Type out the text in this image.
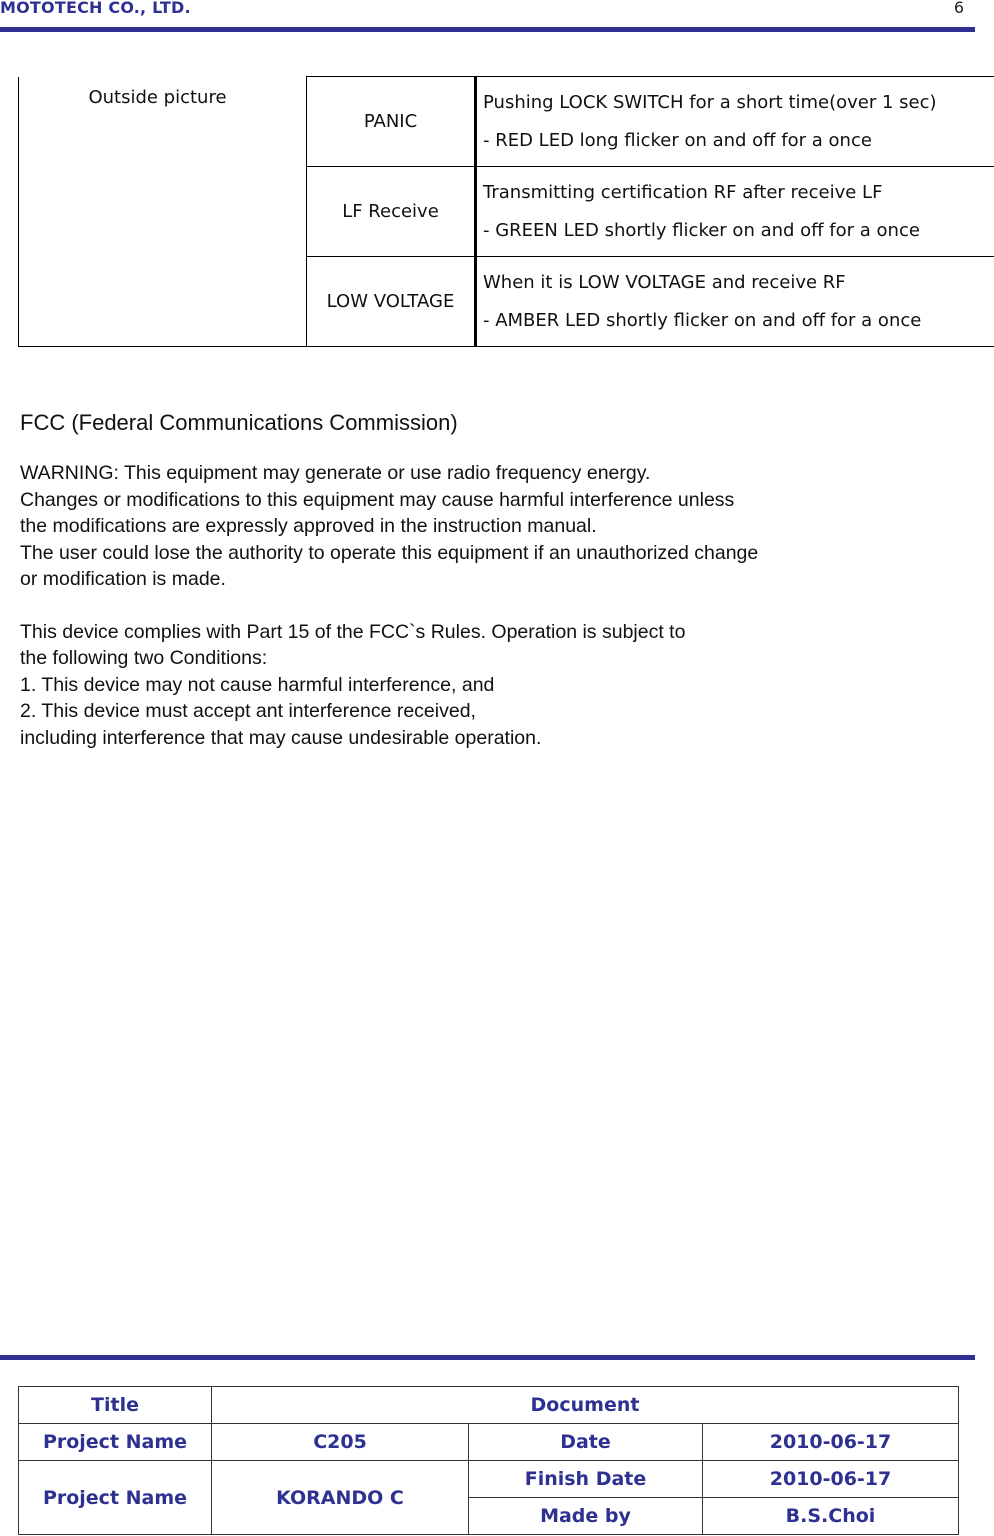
MOTOTECH CO., LTD.	6
Outside picture	PANIC	Pushing LOCK SWITCH for a short time(over 1 sec)
- RED LED long flicker on and off for a once

	LF Receive	Transmitting certification RF after receive LF
- GREEN LED shortly flicker on and off for a once

	LOW VOLTAGE	When it is LOW VOLTAGE and receive RF
- AMBER LED shortly flicker on and off for a once
FCC (Federal Communications Commission)

WARNING: This equipment may generate or use radio frequency energy.

Changes or modifications to this equipment may cause harmful interference unless

the modifications are expressly approved in the instruction manual.

The user could lose the authority to operate this equipment if an unauthorized change

or modification is made.

This device complies with Part 15 of the FCC`s Rules. Operation is subject to

the following two Conditions:

1. This device may not cause harmful interference, and

2. This device must accept ant interference received,

including interference that may cause undesirable operation.

Title	Document		
Project Name	C205	Date	2010-06-17
Project Name	KORANDO C	Finish Date	2010-06-17
		Made by	B.S.Choi
